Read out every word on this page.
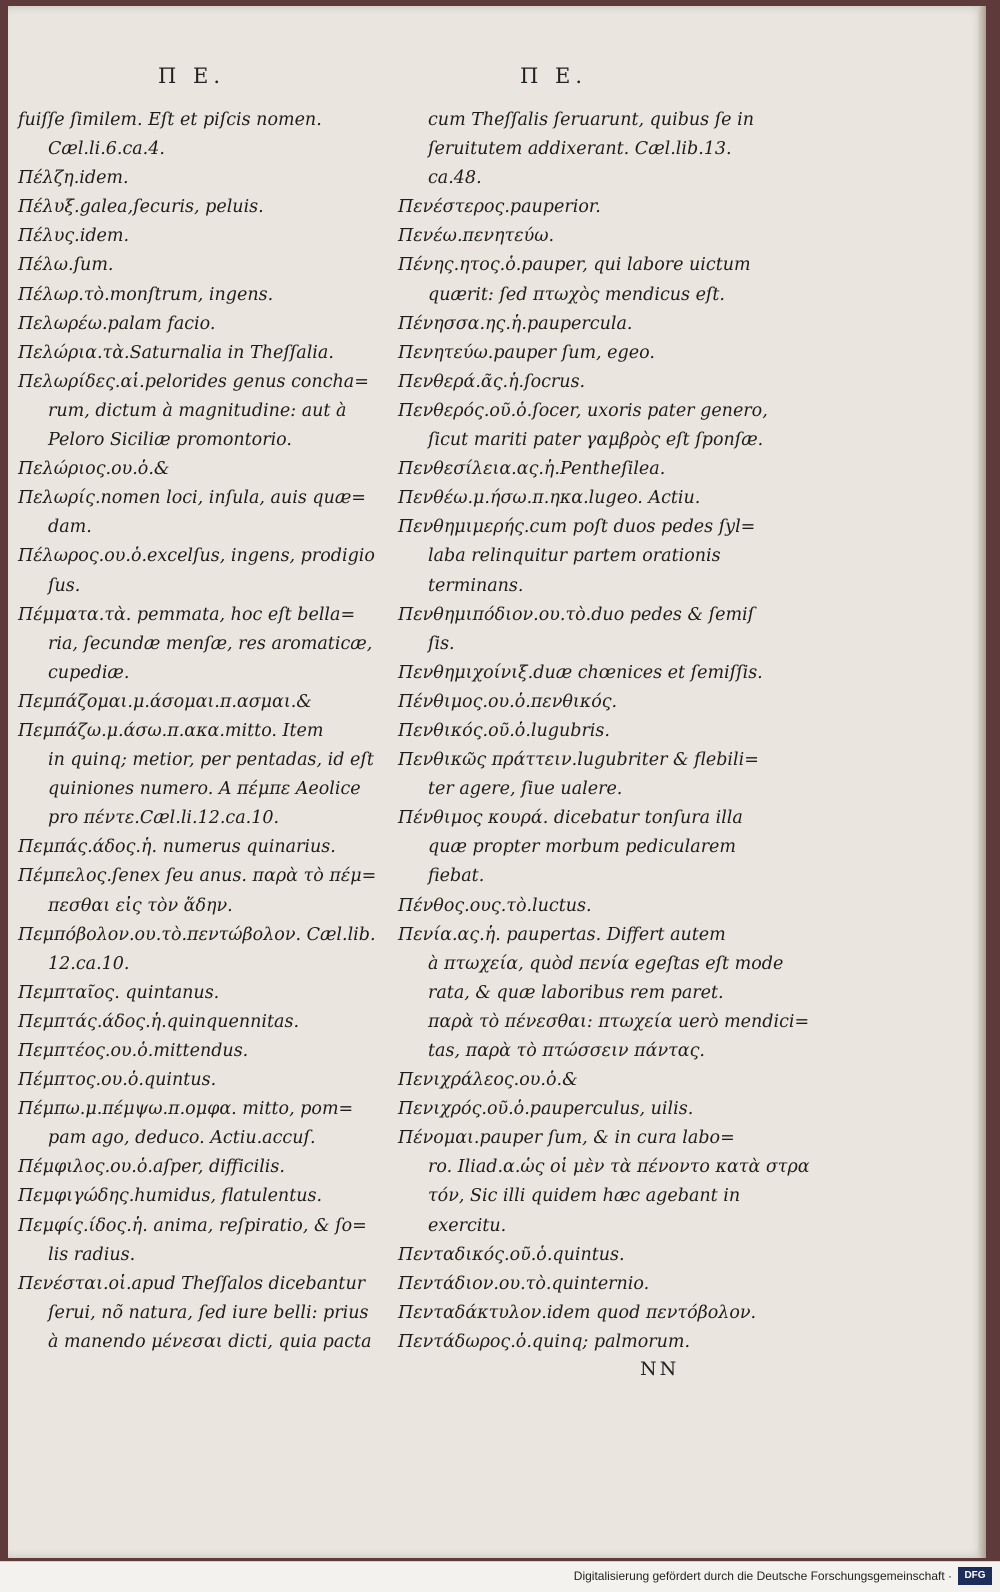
Π E.	Π E.
fuiſſe ſimilem. Eſt et piſcis nomen.
Cæl.li.6.ca.4.
Πέλζη.idem.
Πέλυξ.galea,ſecuris, peluis.
Πέλυς.idem.
Πέλω.ſum.
Πέλωρ.τὸ.monſtrum, ingens.
Πελωρέω.palam facio.
Πελώρια.τὰ.Saturnalia in Theſſalia.
Πελωρίδες.αἱ.pelorides genus concha=
rum, dictum à magnitudine: aut à
Peloro Siciliæ promontorio.
Πελώριος.ου.ὁ.&
Πελωρίς.nomen loci, inſula, auis quæ=
dam.
Πέλωρος.ου.ὁ.excelſus, ingens, prodigio
ſus.
Πέμματα.τὰ. pemmata, hoc eſt bella=
ria, ſecundæ menſæ, res aromaticæ,
cupediæ.
Πεμπάζομαι.μ.άσομαι.π.ασμαι.&
Πεμπάζω.μ.άσω.π.ακα.mitto. Item
in quinq; metior, per pentadas, id eſt
quiniones numero. A πέμπε Aeolice
pro πέντε.Cæl.li.12.ca.10.
Πεμπάς.άδος.ἡ. numerus quinarius.
Πέμπελος.ſenex ſeu anus. παρὰ τὸ πέμ=
πεσθαι εἰς τὸν ἅδην.
Πεμπόβολον.ου.τὸ.πεντώβολον. Cæl.lib.
12.ca.10.
Πεμπταῖος. quintanus.
Πεμπτάς.άδος.ἡ.quinquennitas.
Πεμπτέος.ου.ὁ.mittendus.
Πέμπτος.ου.ὁ.quintus.
Πέμπω.μ.πέμψω.π.ομφα. mitto, pom=
pam ago, deduco. Actiu.accuſ.
Πέμφιλος.ου.ὁ.aſper, difficilis.
Πεμφιγώδης.humidus, flatulentus.
Πεμφίς.ίδος.ἡ. anima, reſpiratio, & ſo=
lis radius.
Πενέσται.οἱ.apud Theſſalos dicebantur
ſerui, nõ natura, ſed iure belli: prius
à manendo μένεσαι dicti, quia pacta
cum Theſſalis ſeruarunt, quibus ſe in
ſeruitutem addixerant. Cæl.lib.13.
ca.48.
Πενέστερος.pauperior.
Πενέω.πενητεύω.
Πένης.ητος.ὁ.pauper, qui labore uictum
quærit: ſed πτωχὸς mendicus eſt.
Πένησσα.ης.ἡ.paupercula.
Πενητεύω.pauper ſum, egeo.
Πενθερά.ᾶς.ἡ.ſocrus.
Πενθερός.οῦ.ὁ.ſocer, uxoris pater genero,
ſicut mariti pater γαμβρὸς eſt ſponſæ.
Πενθεσίλεια.ας.ἡ.Pentheſilea.
Πενθέω.μ.ήσω.π.ηκα.lugeo. Actiu.
Πενθημιμερής.cum poſt duos pedes ſyl=
laba relinquitur partem orationis
terminans.
Πενθημιπόδιον.ου.τὸ.duo pedes & ſemiſ
ſis.
Πενθημιχοίνιξ.duæ chœnices et ſemiſſis.
Πένθιμος.ου.ὁ.πενθικός.
Πενθικός.οῦ.ὁ.lugubris.
Πενθικῶς πράττειν.lugubriter & flebili=
ter agere, ſiue ualere.
Πένθιμος κουρά. dicebatur tonſura illa
quæ propter morbum pedicularem
fiebat.
Πένθος.ους.τὸ.luctus.
Πενία.ας.ἡ. paupertas. Differt autem
à πτωχεία, quòd πενία egeſtas eſt mode
rata, & quæ laboribus rem paret.
παρὰ τὸ πένεσθαι: πτωχεία uerò mendici=
tas, παρὰ τὸ πτώσσειν πάντας.
Πενιχράλεος.ου.ὁ.&
Πενιχρός.οῦ.ὁ.pauperculus, uilis.
Πένομαι.pauper ſum, & in cura labo=
ro. Iliad.α.ὡς οἱ μὲν τὰ πένοντο κατὰ στρα
τόν, Sic illi quidem hæc agebant in
exercitu.
Πενταδικός.οῦ.ὁ.quintus.
Πεντάδιον.ου.τὸ.quinternio.
Πενταδάκτυλον.idem quod πεντόβολον.
Πεντάδωρος.ὁ.quinq; palmorum.
NN
Digitalisierung gefördert durch die Deutsche Forschungsgemeinschaft ·	DFG
